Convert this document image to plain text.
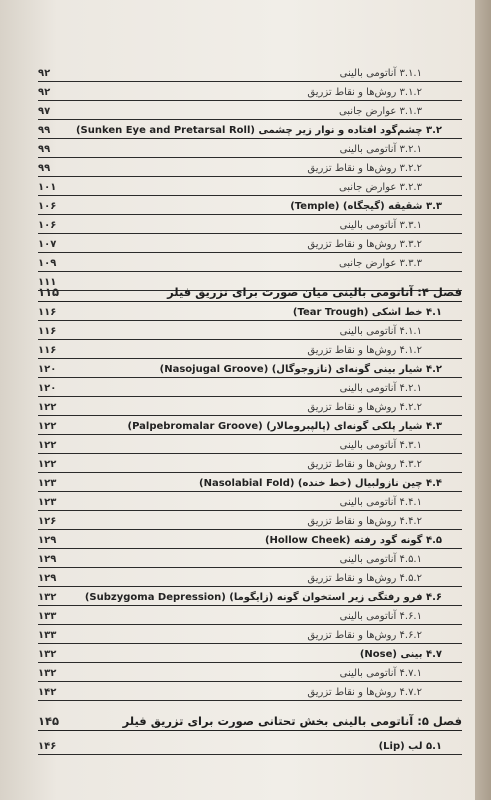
۳.۱.۱ آناتومی بالینی
۹۲
۳.۱.۲ روش‌ها و نقاط تزریق
۹۲
۳.۱.۳ عوارض جانبی
۹۷
۳.۲ چشم‌گود افتاده و نوار زیر چشمی (Sunken Eye and Pretarsal Roll)
۹۹
۳.۲.۱ آناتومی بالینی
۹۹
۳.۲.۲ روش‌ها و نقاط تزریق
۹۹
۳.۲.۳ عوارض جانبی
۱۰۱
۳.۳ شقیقه (گیجگاه) (Temple)
۱۰۶
۳.۳.۱ آناتومی بالینی
۱۰۶
۳.۳.۲ روش‌ها و نقاط تزریق
۱۰۷
۳.۳.۳ عوارض جانبی
۱۰۹
۱۱۱
فصل ۴: آناتومی بالینی میان صورت برای تزریق فیلر
۱۱۵
۴.۱ خط اشکی (Tear Trough)
۱۱۶
۴.۱.۱ آناتومی بالینی
۱۱۶
۴.۱.۲ روش‌ها و نقاط تزریق
۱۱۶
۴.۲ شیار بینی گونه‌ای (نازوجوگال) (Nasojugal Groove)
۱۲۰
۴.۲.۱ آناتومی بالینی
۱۲۰
۴.۲.۲ روش‌ها و نقاط تزریق
۱۲۲
۴.۳ شیار پلکی گونه‌ای (پالپبرومالار) (Palpebromalar Groove)
۱۲۲
۴.۳.۱ آناتومی بالینی
۱۲۲
۴.۳.۲ روش‌ها و نقاط تزریق
۱۲۲
۴.۴ چین نازولبیال (خط خنده) (Nasolabial Fold)
۱۲۳
۴.۴.۱ آناتومی بالینی
۱۲۳
۴.۴.۲ روش‌ها و نقاط تزریق
۱۲۶
۴.۵ گونه گود رفته (Hollow Cheek)
۱۲۹
۴.۵.۱ آناتومی بالینی
۱۲۹
۴.۵.۲ روش‌ها و نقاط تزریق
۱۲۹
۴.۶ فرو رفتگی زیر استخوان گونه (زایگوما) (Subzygoma Depression)
۱۳۲
۴.۶.۱ آناتومی بالینی
۱۳۳
۴.۶.۲ روش‌ها و نقاط تزریق
۱۳۳
۴.۷ بینی (Nose)
۱۳۲
۴.۷.۱ آناتومی بالینی
۱۳۲
۴.۷.۲ روش‌ها و نقاط تزریق
۱۴۲
فصل ۵: آناتومی بالینی بخش تحتانی صورت برای تزریق فیلر
۱۴۵
۵.۱ لب (Lip)
۱۴۶
